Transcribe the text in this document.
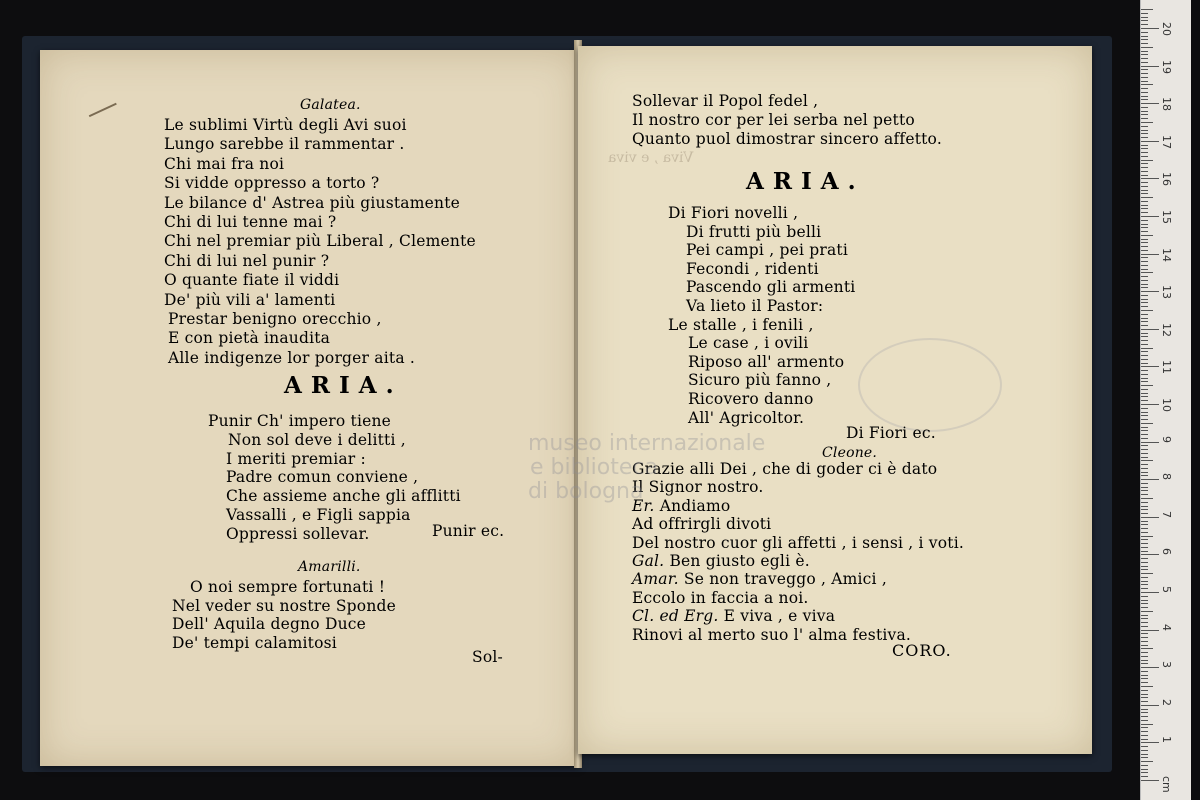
Galatea.
Le sublimi Virtù degli Avi suoi
Lungo sarebbe il rammentar .
Chi mai fra noi
Si vidde oppresso a torto ?
Le bilance d' Astrea più giustamente
Chi di lui tenne mai ?
Chi nel premiar più Liberal , Clemente
Chi di lui nel punir ?
O quante fiate il viddi
De' più vili a' lamenti
Prestar benigno orecchio ,
E con pietà inaudita
Alle indigenze lor porger aita .
ARIA.
Punir Ch' impero tiene
Non sol deve i delitti ,
I meriti premiar :
Padre comun conviene ,
Che assieme anche gli afflitti
Vassalli , e Figli sappia
Oppressi sollevar.	Punir ec.
Amarilli.
O noi sempre fortunati !
Nel veder su nostre Sponde
Dell' Aquila degno Duce
De' tempi calamitosi
Sol-
Viva , e viva
Sollevar il Popol fedel ,
Il nostro cor per lei serba nel petto
Quanto puol dimostrar sincero affetto.
ARIA.
Di Fiori novelli ,
Di frutti più belli
Pei campi , pei prati
Fecondi , ridenti
Pascendo gli armenti
Va lieto il Pastor:
Le stalle , i fenili ,
Le case , i ovili
Riposo all' armento
Sicuro più fanno ,
Ricovero danno
All' Agricoltor.
Di Fiori ec.
Cleone.
Grazie alli Dei , che di goder ci è dato
Il Signor nostro.
Er. Andiamo
Ad offrirgli divoti
Del nostro cuor gli affetti , i sensi , i voti.
Gal. Ben giusto egli è.
Amar. Se non traveggo , Amici ,
Eccolo in faccia a noi.
Cl. ed Erg. E viva , e viva
Rinovi al merto suo l' alma festiva.
CORO.
museo internazionale
e biblioteca
di bologna
1
2
3
4
5
6
7
8
9
10
11
12
13
14
15
16
17
18
19
20
cm
